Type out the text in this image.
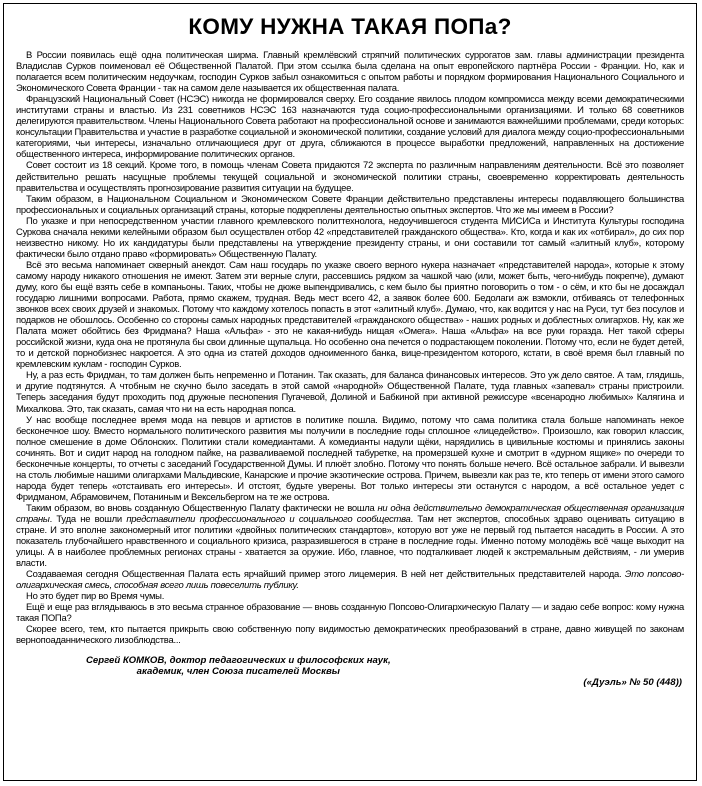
КОМУ НУЖНА ТАКАЯ ПОПа?

В России появилась ещё одна политическая ширма. Главный кремлёвский стряпчий политических суррогатов зам. главы администрации президента Владислав Сурков поименовал её Общественной Палатой. При этом ссылка была сделана на опыт европейского партнёра России - Франции. Но, как и полагается всем политическим недоучкам, господин Сурков забыл ознакомиться с опытом работы и порядком формирования Национального Социального и Экономического Совета Франции - так на самом деле называется их общественная палата.

Французский Национальный Совет (НСЭС) никогда не формировался сверху. Его создание явилось плодом компромисса между всеми демократическими институтами страны и властью. Из 231 советников НСЭС 163 назначаются туда социо-профессиональными организациями. И только 68 советников делегируются правительством. Члены Национального Совета работают на профессиональной основе и занимаются важнейшими проблемами, среди которых: консультации Правительства и участие в разработке социальной и экономической политики, создание условий для диалога между социо-профессиональными категориями, чьи интересы, изначально отличающиеся друг от друга, сближаются в процессе выработки предложений, направленных на достижение общественного интереса, информирование политических органов.

Совет состоит из 18 секций. Кроме того, в помощь членам Совета придаются 72 эксперта по различным направлениям деятельности. Всё это позволяет действительно решать насущные проблемы текущей социальной и экономической политики страны, своевременно корректировать деятельность правительства и осуществлять прогнозирование развития ситуации на будущее.

Таким образом, в Национальном Социальном и Экономическом Совете Франции действительно представлены интересы подавляющего большинства профессиональных и социальных организаций страны, которые подкреплены деятельностью опытных экспертов. Что же мы имеем в России?

По указке и при непосредственном участии главного кремлевского политтехнолога, недоучившегося студента МИСИСа и Института Культуры господина Суркова сначала некими келейными образом был осуществлен отбор 42 «представителей гражданского общества». Кто, когда и как их «отбирал», до сих пор неизвестно никому. Но их кандидатуры были представлены на утверждение президенту страны, и они составили тот самый «элитный клуб», которому фактически было отдано право «формировать» Общественную Палату.

Всё это весьма напоминает скверный анекдот. Сам наш государь по указке своего верного нукера назначает «представителей народа», которые к этому самому народу никакого отношения не имеют. Затем эти верные слуги, рассевшись рядком за чашкой чаю (или, может быть, чего-нибудь покрепче), думают думу, кого бы ещё взять себе в компаньоны. Таких, чтобы не дюже выпендривались, с кем было бы приятно поговорить о том - о сём, и кто бы не досаждал государю лишними вопросами. Работа, прямо скажем, трудная. Ведь мест всего 42, а заявок более 600. Бедолаги аж взмокли, отбиваясь от телефонных звонков всех своих друзей и знакомых. Потому что каждому хотелось попасть в этот «элитный клуб». Думаю, что, как водится у нас на Руси, тут без посулов и подарков не обошлось. Особенно со стороны самых народных представителей «гражданского общества» - наших родных и доблестных олигархов. Ну, как же Палата может обойтись без Фридмана? Наша «Альфа» - это не какая-нибудь нищая «Омега». Наша «Альфа» на все руки горазда. Нет такой сферы российской жизни, куда она не протянула бы свои длинные щупальца. Но особенно она печется о подрастающем поколении. Потому что, если не будет детей, то и детской порнобизнес накроется. А это одна из статей доходов одноименного банка, вице-президентом которого, кстати, в своё время был главный по кремлевским куклам - господин Сурков.

Ну, а раз есть Фридман, то там должен быть непременно и Потанин. Так сказать, для баланса финансовых интересов. Это уж дело святое. А там, глядишь, и другие подтянутся. А чтобным не скучно было заседать в этой самой «народной» Общественной Палате, туда главных «запевал» страны пристроили. Теперь заседания будут проходить под дружные песнопения Пугачевой, Долиной и Бабкиной при активной режиссуре «всенародно любимых» Калягина и Михалкова. Это, так сказать, самая что ни на есть народная попса.

У нас вообще последнее время мода на певцов и артистов в политике пошла. Видимо, потому что сама политика стала больше напоминать некое бесконечное шоу. Вместо нормального политического развития мы получили в последние годы сплошное «лицедейство». Произошло, как говорил классик, полное смешение в доме Облонских. Политики стали комедиантами. А комедианты надули щёки, нарядились в цивильные костюмы и принялись законы сочинять. Вот и сидит народ на голодном пайке, на разваливаемой последней табуретке, на промерзшей кухне и смотрит в «дурном ящике» по очереди то бесконечные концерты, то отчеты с заседаний Государственной Думы. И плюёт злобно. Потому что понять больше нечего. Всё остальное забрали. И вывезли на столь любимые нашими олигархами Мальдивские, Канарские и прочие экзотические острова. Причем, вывезли как раз те, кто теперь от имени этого самого народа будет теперь «отстаивать его интересы». И отстоят, будьте уверены. Вот только интересы эти останутся с народом, а всё остальное уедет с Фридманом, Абрамовичем, Потаниным и Вексельбергом на те же острова.

Таким образом, во вновь созданную Общественную Палату фактически не вошла ни одна действительно демократическая общественная организация страны. Туда не вошли представители профессионального и социального сообщества. Там нет экспертов, способных здраво оценивать ситуацию в стране. И это вполне закономерный итог политики «двойных политических стандартов», которую вот уже не первый год пытается насадить в России. А это показатель глубочайшего нравственного и социального кризиса, разразившегося в стране в последние годы. Именно потому молодёжь всё чаще выходит на улицы. А в наиболее проблемных регионах страны - хватается за оружие. Ибо, главное, что подталкивает людей к экстремальным действиям, - ли умерив власти.

Создаваемая сегодня Общественная Палата есть ярчайший пример этого лицемерия. В ней нет действительных представителей народа. Это попсово-олигархическая смесь, способная всего лишь повеселить публику.

Но это будет пир во Время чумы.

Ещё и еще раз вглядываюсь в это весьма странное образование — вновь созданную Попсово-Олигархическую Палату — и задаю себе вопрос: кому нужна такая ПОПа?

Скорее всего, тем, кто пытается прикрыть свою собственную попу видимостью демократических преобразований в стране, давно живущей по законам вернопоаданнического лизоблюдства...

Сергей КОМКОВ, доктор педагогических и философских наук,
академик, член Союза писателей Москвы
(«Дуэль» № 50 (448))
